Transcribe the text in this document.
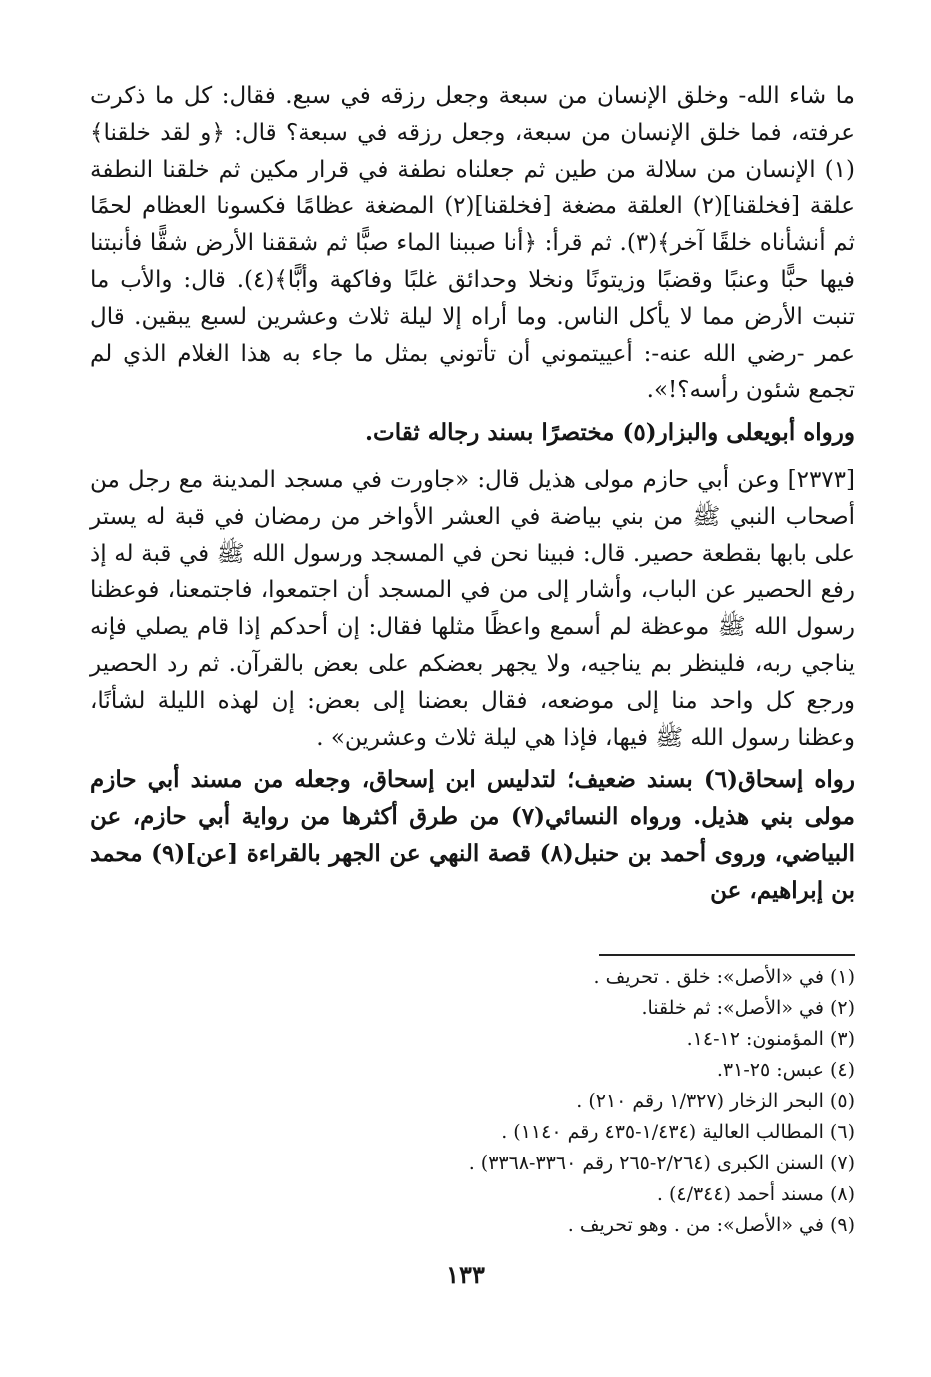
ما شاء الله- وخلق الإنسان من سبعة وجعل رزقه في سبع. فقال: كل ما ذكرت عرفته، فما خلق الإنسان من سبعة، وجعل رزقه في سبعة؟ قال: ﴿و لقد خلقنا﴾(١) الإنسان من سلالة من طين ثم جعلناه نطفة في قرار مكين ثم خلقنا النطفة علقة [فخلقنا](٢) العلقة مضغة [فخلقنا](٢) المضغة عظامًا فكسونا العظام لحمًا ثم أنشأناه خلقًا آخر﴾(٣). ثم قرأ: ﴿أنا صببنا الماء صبًّا ثم شققنا الأرض شقًّا فأنبتنا فيها حبًّا وعنبًا وقضبًا وزيتونًا ونخلا وحدائق غلبًا وفاكهة وأبًّا﴾(٤). قال: والأب ما تنبت الأرض مما لا يأكل الناس. وما أراه إلا ليلة ثلاث وعشرين لسبع يبقين. قال عمر -رضي الله عنه-: أعييتموني أن تأتوني بمثل ما جاء به هذا الغلام الذي لم تجمع شئون رأسه؟!».

ورواه أبويعلى والبزار(٥) مختصرًا بسند رجاله ثقات.

[٢٣٧٣] وعن أبي حازم مولى هذيل قال: «جاورت في مسجد المدينة مع رجل من أصحاب النبي ﷺ من بني بياضة في العشر الأواخر من رمضان في قبة له يستر على بابها بقطعة حصير. قال: فبينا نحن في المسجد ورسول الله ﷺ في قبة له إذ رفع الحصير عن الباب، وأشار إلى من في المسجد أن اجتمعوا، فاجتمعنا، فوعظنا رسول الله ﷺ موعظة لم أسمع واعظًا مثلها فقال: إن أحدكم إذا قام يصلي فإنه يناجي ربه، فلينظر بم يناجيه، ولا يجهر بعضكم على بعض بالقرآن. ثم رد الحصير ورجع كل واحد منا إلى موضعه، فقال بعضنا إلى بعض: إن لهذه الليلة لشأنًا، وعظنا رسول الله ﷺ فيها، فإذا هي ليلة ثلاث وعشرين» .

رواه إسحاق(٦) بسند ضعيف؛ لتدليس ابن إسحاق، وجعله من مسند أبي حازم مولى بني هذيل. ورواه النسائي(٧) من طرق أكثرها من رواية أبي حازم، عن البياضي، وروى أحمد بن حنبل(٨) قصة النهي عن الجهر بالقراءة [عن](٩) محمد بن إبراهيم، عن

(١) في «الأصل»: خلق . تحريف .
(٢) في «الأصل»: ثم خلقنا.
(٣) المؤمنون: ١٢-١٤.
(٤) عبس: ٢٥-٣١.
(٥) البحر الزخار (١/٣٢٧ رقم ٢١٠) .
(٦) المطالب العالية (١/٤٣٤-٤٣٥ رقم ١١٤٠) .
(٧) السنن الكبرى (٢/٢٦٤-٢٦٥ رقم ٣٣٦٠-٣٣٦٨) .
(٨) مسند أحمد (٤/٣٤٤) .
(٩) في «الأصل»: من . وهو تحريف .
١٣٣
